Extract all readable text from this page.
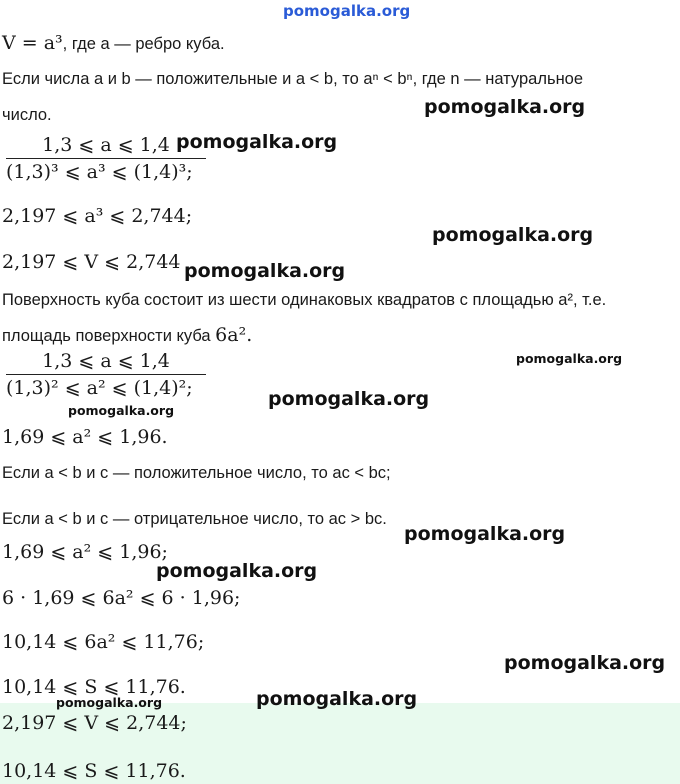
pomogalka.org
V = a³, где a — ребро куба.
Если числа a и b — положительные и a < b, то aⁿ < bⁿ, где n — натуральное
число.
1,3 ⩽ a ⩽ 1,4
(1,3)³ ⩽ a³ ⩽ (1,4)³;
2,197 ⩽ a³ ⩽ 2,744;
2,197 ⩽ V ⩽ 2,744
Поверхность куба состоит из шести одинаковых квадратов с площадью a², т.е.
площадь поверхности куба 6a².
1,3 ⩽ a ⩽ 1,4
(1,3)² ⩽ a² ⩽ (1,4)²;
1,69 ⩽ a² ⩽ 1,96.
Если a < b и c — положительное число, то ac < bc;
Если a < b и c — отрицательное число, то ac > bc.
1,69 ⩽ a² ⩽ 1,96;
6 · 1,69 ⩽ 6a² ⩽ 6 · 1,96;
10,14 ⩽ 6a² ⩽ 11,76;
10,14 ⩽ S ⩽ 11,76.
2,197 ⩽ V ⩽ 2,744;
10,14 ⩽ S ⩽ 11,76.
pomogalka.org
pomogalka.org
pomogalka.org
pomogalka.org
pomogalka.org
pomogalka.org
pomogalka.org
pomogalka.org
pomogalka.org
pomogalka.org
pomogalka.org
pomogalka.org
